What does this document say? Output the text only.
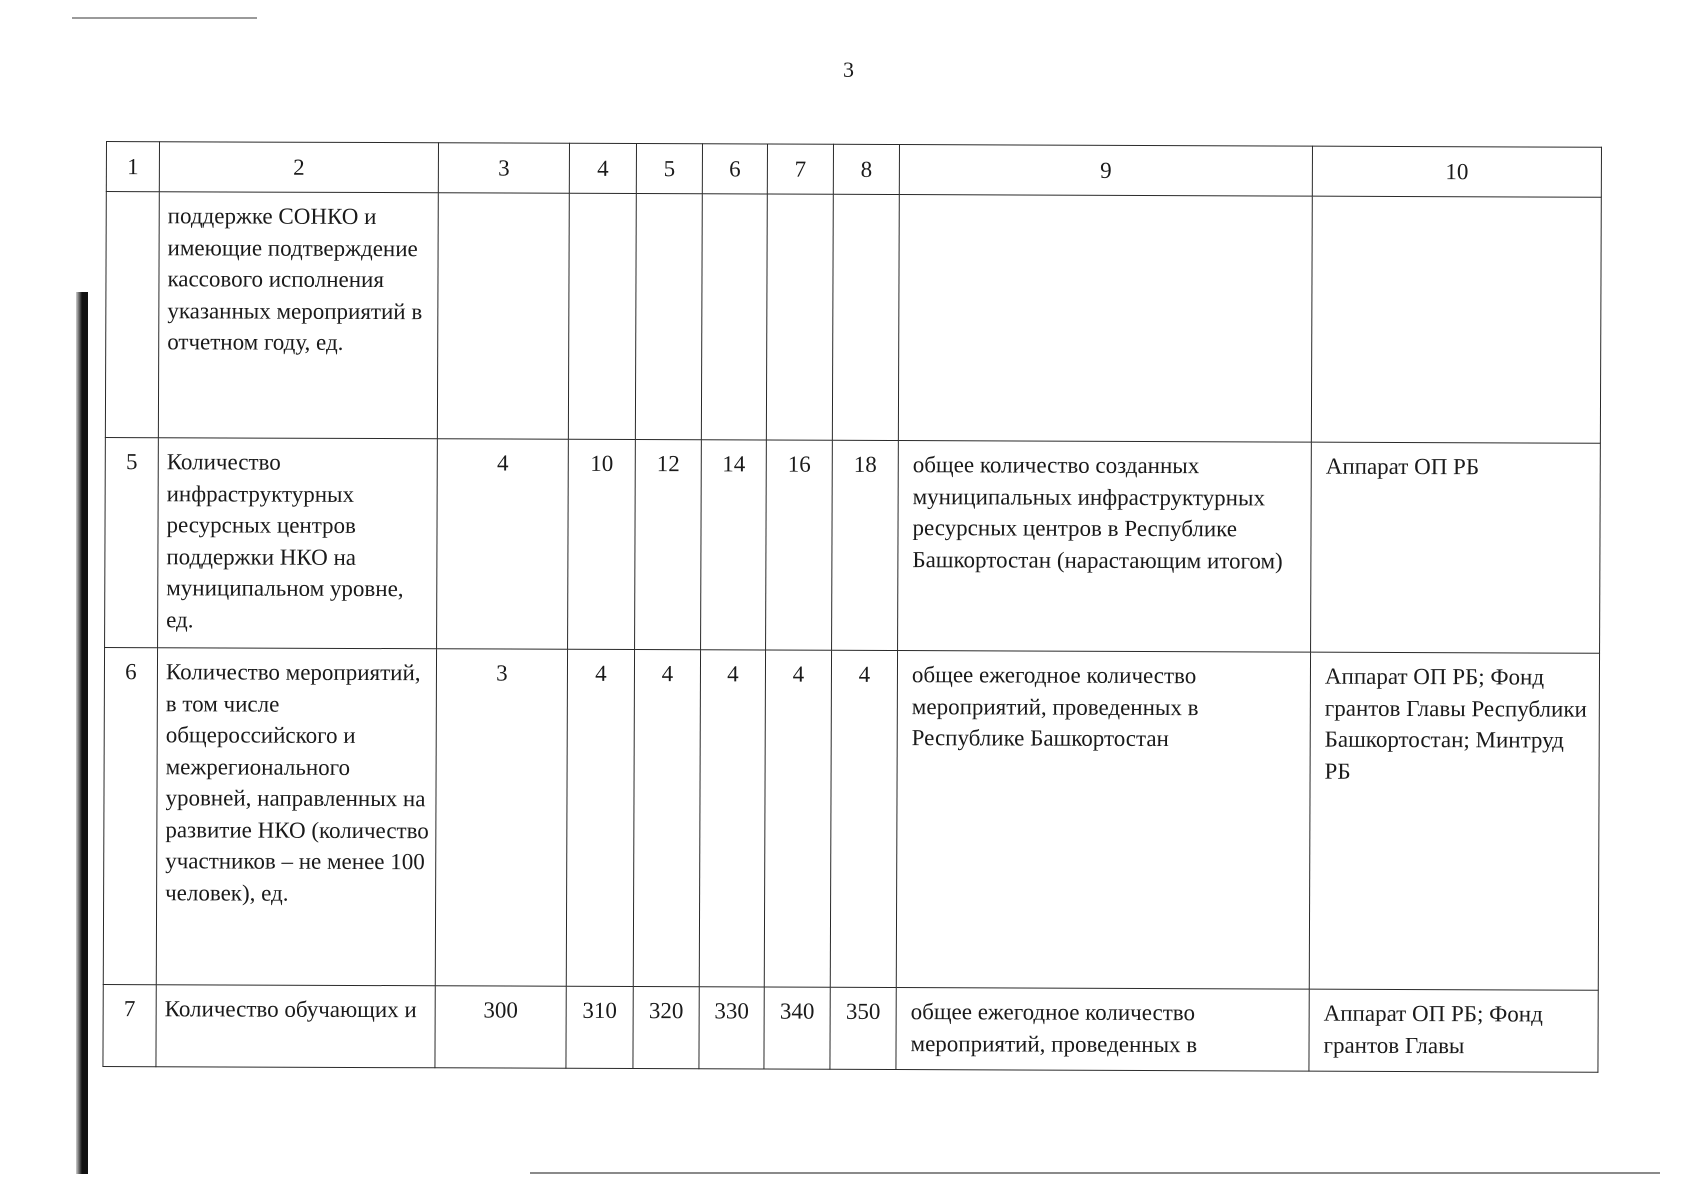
3
1	2	3	4	5	6	7	8	9	10
	поддержке СОНКО и имеющие подтверждение кассового исполнения указанных мероприятий в отчетном году, ед.								
5	Количество инфраструктурных ресурсных центров поддержки НКО на муниципальном уровне, ед.	4	10	12	14	16	18	общее количество созданных муниципальных инфраструктурных ресурсных центров в Республике Башкортостан (нарастающим итогом)	Аппарат ОП РБ
6	Количество мероприятий, в том числе общероссийского и межрегионального уровней, направленных на развитие НКО (количество участников – не менее 100 человек), ед.	3	4	4	4	4	4	общее ежегодное количество мероприятий, проведенных в Республике Башкортостан	Аппарат ОП РБ; Фонд грантов Главы Республики Башкортостан; Минтруд РБ
7	Количество обучающих и	300	310	320	330	340	350	общее ежегодное количество мероприятий, проведенных в	Аппарат ОП РБ; Фонд грантов Главы
